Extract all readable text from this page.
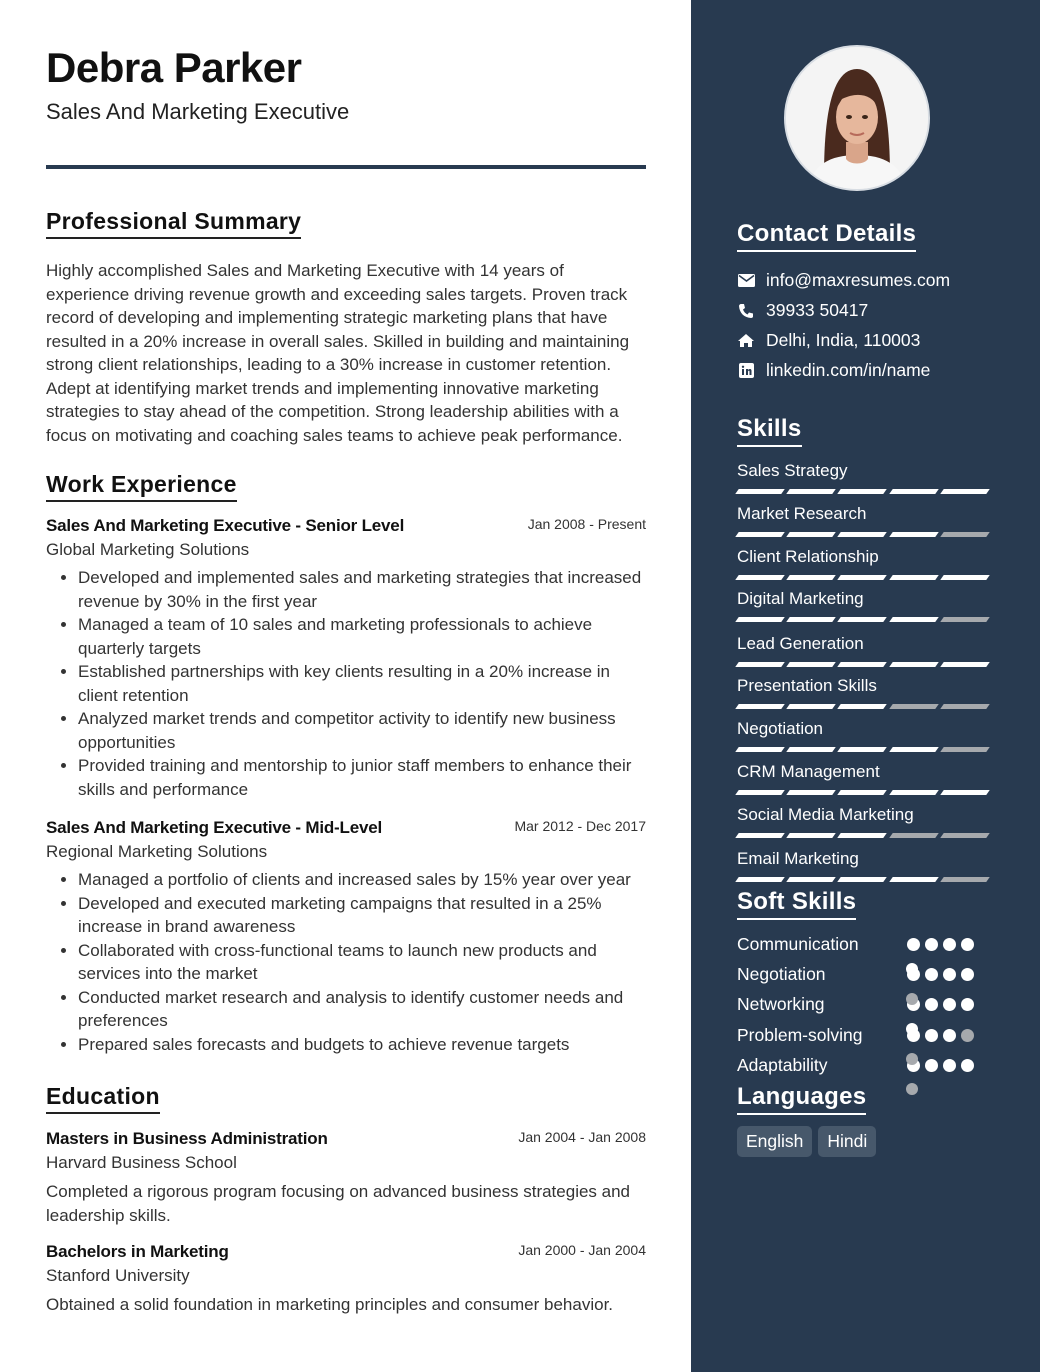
Debra Parker
Sales And Marketing Executive
Professional Summary
Highly accomplished Sales and Marketing Executive with 14 years of experience driving revenue growth and exceeding sales targets. Proven track record of developing and implementing strategic marketing plans that have resulted in a 20% increase in overall sales. Skilled in building and maintaining strong client relationships, leading to a 30% increase in customer retention. Adept at identifying market trends and implementing innovative marketing strategies to stay ahead of the competition. Strong leadership abilities with a focus on motivating and coaching sales teams to achieve peak performance.
Work Experience
Sales And Marketing Executive - Senior Level	Jan 2008 - Present
Global Marketing Solutions
• Developed and implemented sales and marketing strategies that increased revenue by 30% in the first year
• Managed a team of 10 sales and marketing professionals to achieve quarterly targets
• Established partnerships with key clients resulting in a 20% increase in client retention
• Analyzed market trends and competitor activity to identify new business opportunities
• Provided training and mentorship to junior staff members to enhance their skills and performance
Sales And Marketing Executive - Mid-Level	Mar 2012 - Dec 2017
Regional Marketing Solutions
• Managed a portfolio of clients and increased sales by 15% year over year
• Developed and executed marketing campaigns that resulted in a 25% increase in brand awareness
• Collaborated with cross-functional teams to launch new products and services into the market
• Conducted market research and analysis to identify customer needs and preferences
• Prepared sales forecasts and budgets to achieve revenue targets
Education
Masters in Business Administration	Jan 2004 - Jan 2008
Harvard Business School
Completed a rigorous program focusing on advanced business strategies and leadership skills.
Bachelors in Marketing	Jan 2000 - Jan 2004
Stanford University
Obtained a solid foundation in marketing principles and consumer behavior.
Contact Details
info@maxresumes.com
39933 50417
Delhi, India, 110003
linkedin.com/in/name
Skills
Sales Strategy
Market Research
Client Relationship
Digital Marketing
Lead Generation
Presentation Skills
Negotiation
CRM Management
Social Media Marketing
Email Marketing
Soft Skills
Communication
Negotiation
Networking
Problem-solving
Adaptability
Languages
English	Hindi
